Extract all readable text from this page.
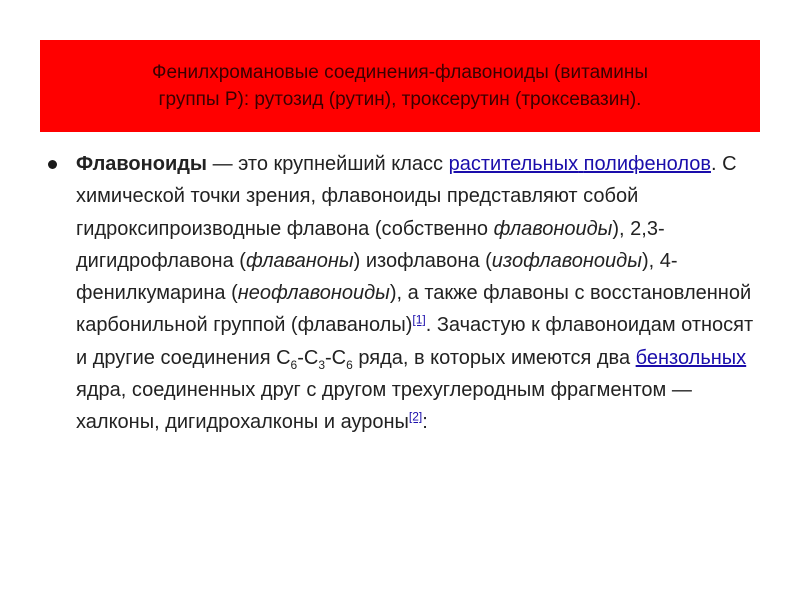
Фенилхромановые соединения-флавоноиды (витамины
группы Р): рутозид (рутин), троксерутин (троксевазин).

Флавоноиды — это крупнейший класс растительных полифенолов. С химической точки зрения, флавоноиды представляют собой гидроксипроизводные флавона (собственно флавоноиды), 2,3-дигидрофлавона (флаваноны) изофлавона (изофлавоноиды), 4-фенилкумарина (неофлавоноиды), а также флавоны с восстановленной карбонильной группой (флаванолы)[1]. Зачастую к флавоноидам относят и другие соединения $С_6-С_3-С_6$ ряда, в которых имеются два бензольных ядра, соединенных друг с другом трехуглеродным фрагментом — халконы, дигидрохалконы и ауроны[2]:
